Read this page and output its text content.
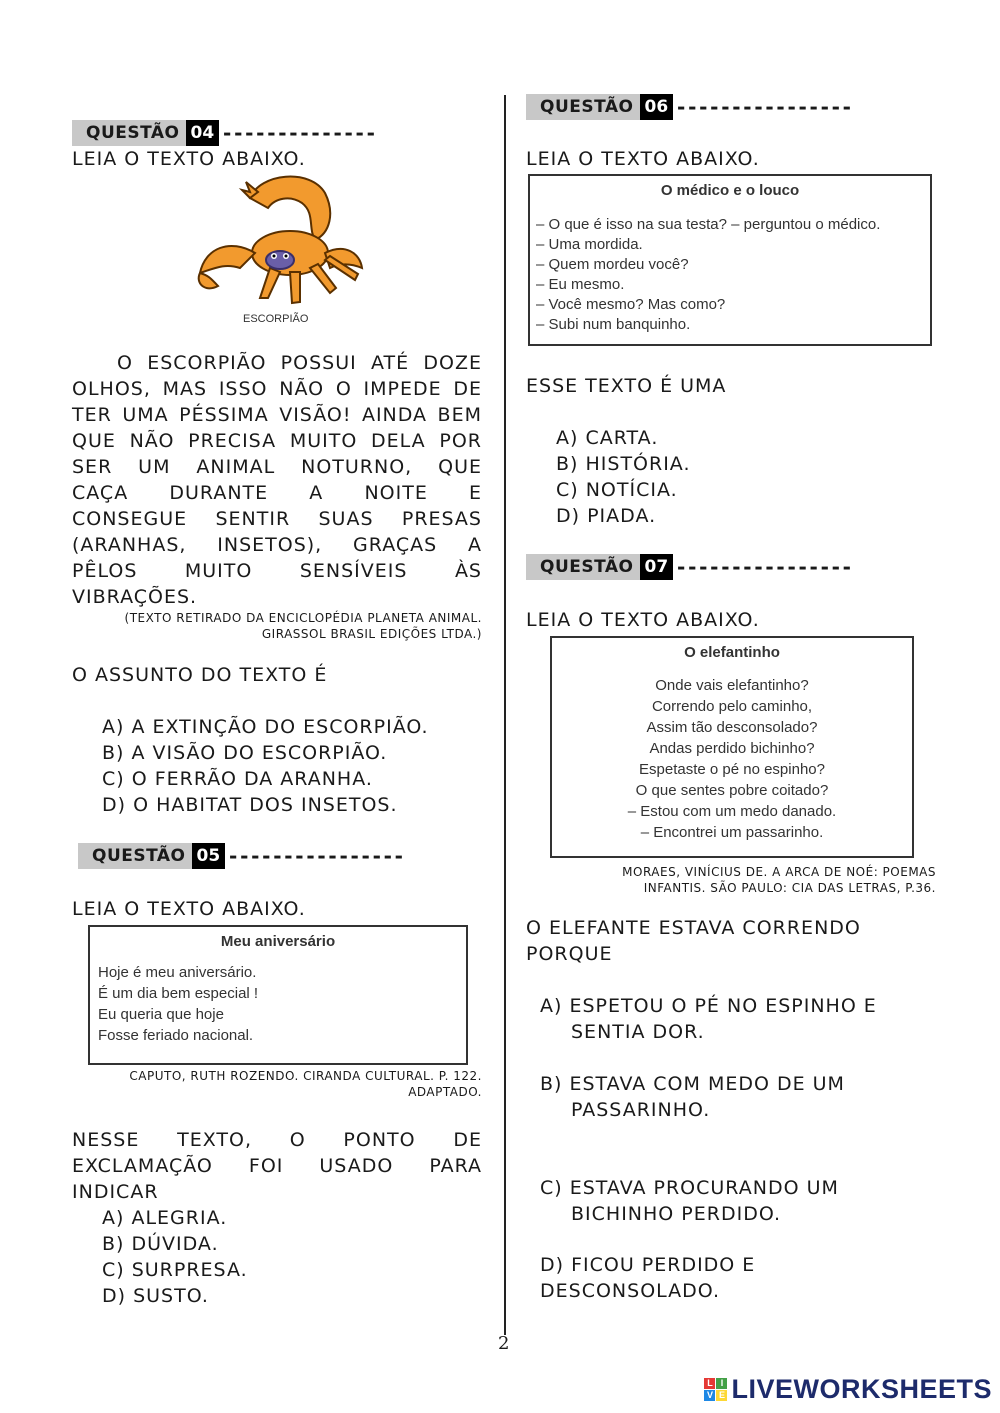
QUESTÃO 04 --------------
LEIA O TEXTO ABAIXO.
ESCORPIÃO
O ESCORPIÃO POSSUI ATÉ DOZE
OLHOS, MAS ISSO NÃO O IMPEDE DE
TER UMA PÉSSIMA VISÃO! AINDA BEM
QUE NÃO PRECISA MUITO DELA POR
SER UM ANIMAL NOTURNO, QUE
CAÇA DURANTE A NOITE E
CONSEGUE SENTIR SUAS PRESAS
(ARANHAS, INSETOS), GRAÇAS A
PÊLOS MUITO SENSÍVEIS ÀS
VIBRAÇÕES.
(TEXTO RETIRADO DA ENCICLOPÉDIA PLANETA ANIMAL.
GIRASSOL BRASIL EDIÇÕES LTDA.)
O ASSUNTO DO TEXTO É
A) A EXTINÇÃO DO ESCORPIÃO.
B) A VISÃO DO ESCORPIÃO.
C) O FERRÃO DA ARANHA.
D) O HABITAT DOS INSETOS.
QUESTÃO 05 ----------------
LEIA O TEXTO ABAIXO.
Meu aniversário
Hoje é meu aniversário.
É um dia bem especial !
Eu queria que hoje
Fosse feriado nacional.
CAPUTO, RUTH ROZENDO. CIRANDA CULTURAL. P. 122.
ADAPTADO.
NESSE TEXTO, O PONTO DE
EXCLAMAÇÃO FOI USADO PARA
INDICAR
A) ALEGRIA.
B) DÚVIDA.
C) SURPRESA.
D) SUSTO.
QUESTÃO 06 ----------------
LEIA O TEXTO ABAIXO.
O médico e o louco
– O que é isso na sua testa? – perguntou o médico.
– Uma mordida.
– Quem mordeu você?
– Eu mesmo.
– Você mesmo? Mas como?
– Subi num banquinho.
ESSE TEXTO É UMA
A) CARTA.
B) HISTÓRIA.
C) NOTÍCIA.
D) PIADA.
QUESTÃO 07 ----------------
LEIA O TEXTO ABAIXO.
O elefantinho
Onde vais elefantinho?
Correndo pelo caminho,
Assim tão desconsolado?
Andas perdido bichinho?
Espetaste o pé no espinho?
O que sentes pobre coitado?
– Estou com um medo danado.
– Encontrei um passarinho.
MORAES, VINÍCIUS DE. A ARCA DE NOÉ: POEMAS
INFANTIS. SÃO PAULO: CIA DAS LETRAS, P.36.
O ELEFANTE ESTAVA CORRENDO
PORQUE
A) ESPETOU O PÉ NO ESPINHO E
SENTIA DOR.
B) ESTAVA COM MEDO DE UM
PASSARINHO.
C) ESTAVA PROCURANDO UM
BICHINHO PERDIDO.
D) FICOU PERDIDO E
DESCONSOLADO.
2
L I
V E LIVEWORKSHEETS
